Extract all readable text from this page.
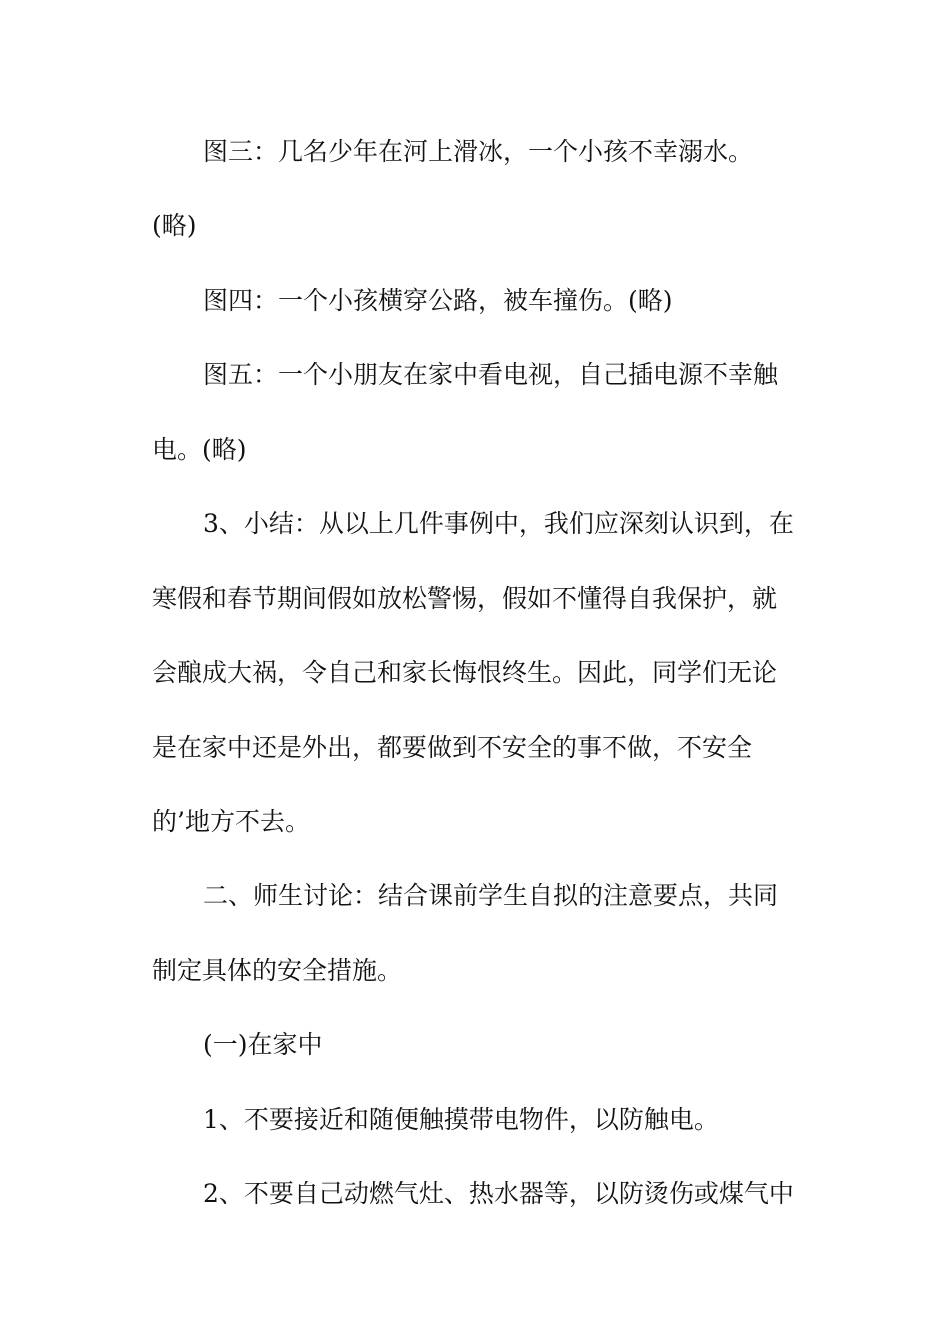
图三：几名少年在河上滑冰，一个小孩不幸溺水。
(略)
图四：一个小孩横穿公路，被车撞伤。(略)
图五：一个小朋友在家中看电视，自己插电源不幸触
电。(略)
3、小结：从以上几件事例中，我们应深刻认识到，在
寒假和春节期间假如放松警惕，假如不懂得自我保护，就
会酿成大祸，令自己和家长悔恨终生。因此，同学们无论
是在家中还是外出，都要做到不安全的事不做，不安全
的’地方不去。
二、师生讨论：结合课前学生自拟的注意要点，共同
制定具体的安全措施。
(一)在家中
1、不要接近和随便触摸带电物件，以防触电。
2、不要自己动燃气灶、热水器等，以防烫伤或煤气中
